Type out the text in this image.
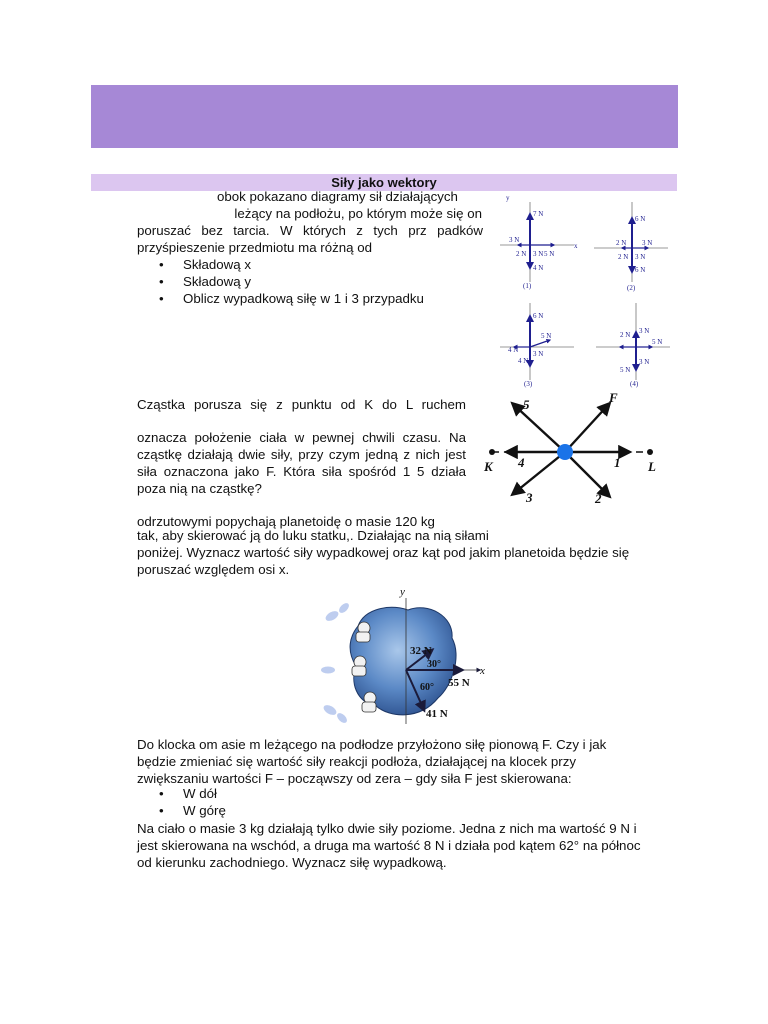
Siły jako wektory
obok pokazano diagramy sił działających
leżący na podłożu, po którym może się on
poruszać bez tarcia. W których z tych prz padków
przyśpieszenie przedmiotu ma różną od
• Składową x
• Składową y
• Oblicz wypadkową siłę w 1 i 3 przypadku
y
x
7 N
3 N
2 N 3 N 5 N
4 N
(1)
6 N
2 N 3 N
2 N 3 N
6 N
(2)
6 N
5 N
4 N 3 N
4 N
(3)
2 N 3 N
5 N
3 N
5 N
(4)
Cząstka porusza się z punktu od K do L ruchem
oznacza położenie ciała w pewnej chwili czasu. Na
cząstkę działają dwie siły, przy czym jedną z nich jest
siła oznaczona jako F. Która siła spośród 1 5 działa
poza nią na cząstkę?
K	L
F
1
2
3
4
5
odrzutowymi popychają planetoidę o masie 120 kg
tak, aby skierować ją do luku statku,. Działając na nią siłami
poniżej. Wyznacz wartość siły wypadkowej oraz kąt pod jakim planetoida będzie się
poruszać względem osi x.
y
x
32 N
30°
55 N
60°
41 N
Do klocka om asie m leżącego na podłodze przyłożono siłę pionową F. Czy i jak
będzie zmieniać się wartość siły reakcji podłoża, działającej na klocek przy
zwiększaniu wartości F – począwszy od zera – gdy siła F jest skierowana:
• W dół
• W górę
Na ciało o masie 3 kg działają tylko dwie siły poziome. Jedna z nich ma wartość 9 N i
jest skierowana na wschód, a druga ma wartość 8 N i działa pod kątem 62° na północ
od kierunku zachodniego. Wyznacz siłę wypadkową.
